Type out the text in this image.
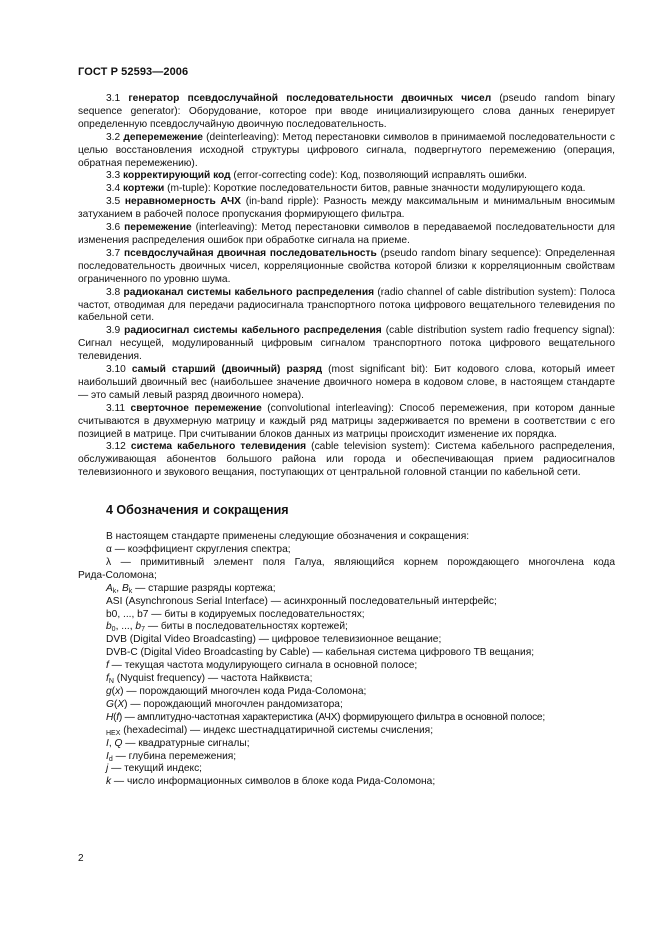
ГОСТ Р 52593—2006

3.1 генератор псевдослучайной последовательности двоичных чисел (pseudo random binary sequence generator): Оборудование, которое при вводе инициализирующего слова данных генерирует определенную псевдослучайную двоичную последовательность.

3.2 деперемежение (deinterleaving): Метод перестановки символов в принимаемой последовательности с целью восстановления исходной структуры цифрового сигнала, подвергнутого перемежению (операция, обратная перемежению).

3.3 корректирующий код (error-correcting code): Код, позволяющий исправлять ошибки.

3.4 кортежи (m-tuple): Короткие последовательности битов, равные значности модулирующего кода.

3.5 неравномерность АЧХ (in-band ripple): Разность между максимальным и минимальным вносимым затуханием в рабочей полосе пропускания формирующего фильтра.

3.6 перемежение (interleaving): Метод перестановки символов в передаваемой последовательности для изменения распределения ошибок при обработке сигнала на приеме.

3.7 псевдослучайная двоичная последовательность (pseudo random binary sequence): Определенная последовательность двоичных чисел, корреляционные свойства которой близки к корреляционным свойствам ограниченного по уровню шума.

3.8 радиоканал системы кабельного распределения (radio channel of cable distribution system): Полоса частот, отводимая для передачи радиосигнала транспортного потока цифрового вещательного телевидения по кабельной сети.

3.9 радиосигнал системы кабельного распределения (cable distribution system radio frequency signal): Сигнал несущей, модулированный цифровым сигналом транспортного потока цифрового вещательного телевидения.

3.10 самый старший (двоичный) разряд (most significant bit): Бит кодового слова, который имеет наибольший двоичный вес (наибольшее значение двоичного номера в кодовом слове, в настоящем стандарте — это самый левый разряд двоичного номера).

3.11 сверточное перемежение (convolutional interleaving): Способ перемежения, при котором данные считываются в двухмерную матрицу и каждый ряд матрицы задерживается по времени в соответствии с его позицией в матрице. При считывании блоков данных из матрицы происходит изменение их порядка.

3.12 система кабельного телевидения (cable television system): Система кабельного распределения, обслуживающая абонентов большого района или города и обеспечивающая прием радиосигналов телевизионного и звукового вещания, поступающих от центральной головной станции по кабельной сети.

4 Обозначения и сокращения

В настоящем стандарте применены следующие обозначения и сокращения:

α — коэффициент скругления спектра;

λ — примитивный элемент поля Галуа, являющийся корнем порождающего многочлена кода

Рида-Соломона;

$A_k$, $B_k$ — старшие разряды кортежа;

ASI (Asynchronous Serial Interface) — асинхронный последовательный интерфейс;

b0, ..., b7 — биты в кодируемых последовательностях;

$b_0$, ..., $b_7$ — биты в последовательностях кортежей;

DVB (Digital Video Broadcasting) — цифровое телевизионное вещание;

DVB-C (Digital Video Broadcasting by Cable) — кабельная система цифрового ТВ вещания;

f — текущая частота модулирующего сигнала в основной полосе;

$f_N$ (Nyquist frequency) — частота Найквиста;

g(x) — порождающий многочлен кода Рида-Соломона;

G(X) — порождающий многочлен рандомизатора;

H(f) — амплитудно-частотная характеристика (АЧХ) формирующего фильтра в основной полосе;

$_{HEX}$ (hexadecimal) — индекс шестнадцатиричной системы счисления;

I, Q — квадратурные сигналы;

$I_d$ — глубина перемежения;

j — текущий индекс;

k — число информационных символов в блоке кода Рида-Соломона;

2
